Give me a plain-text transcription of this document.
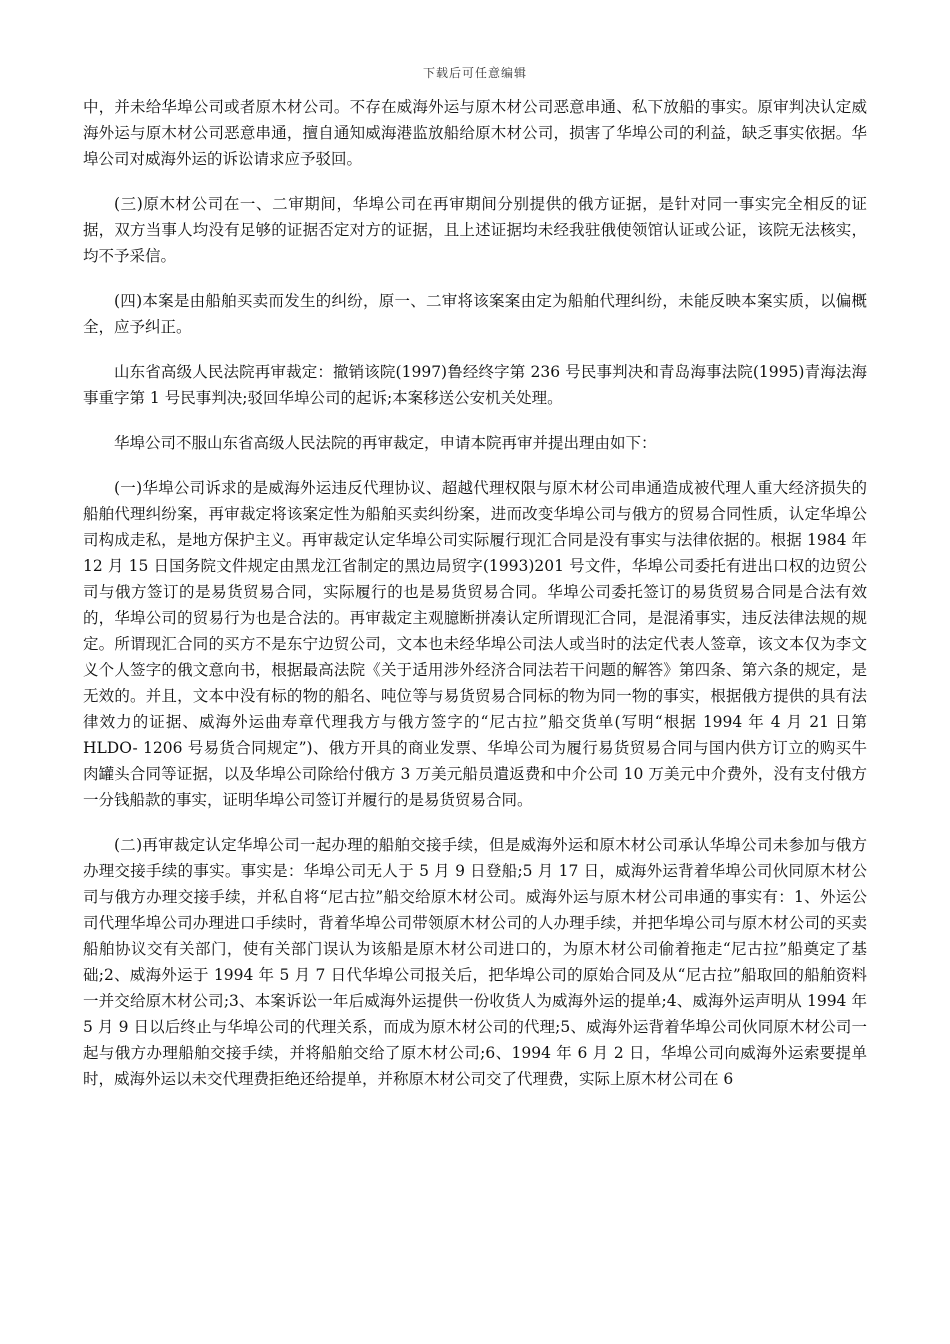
下载后可任意编辑

中，并未给华埠公司或者原木材公司。不存在威海外运与原木材公司恶意串通、私下放船的事实。原审判决认定威海外运与原木材公司恶意串通，擅自通知威海港监放船给原木材公司，损害了华埠公司的利益，缺乏事实依据。华埠公司对威海外运的诉讼请求应予驳回。

(三)原木材公司在一、二审期间，华埠公司在再审期间分别提供的俄方证据，是针对同一事实完全相反的证据，双方当事人均没有足够的证据否定对方的证据，且上述证据均未经我驻俄使领馆认证或公证，该院无法核实，均不予采信。

(四)本案是由船舶买卖而发生的纠纷，原一、二审将该案案由定为船舶代理纠纷，未能反映本案实质，以偏概全，应予纠正。

山东省高级人民法院再审裁定：撤销该院(1997)鲁经终字第 236 号民事判决和青岛海事法院(1995)青海法海事重字第 1 号民事判决;驳回华埠公司的起诉;本案移送公安机关处理。

华埠公司不服山东省高级人民法院的再审裁定，申请本院再审并提出理由如下：

(一)华埠公司诉求的是威海外运违反代理协议、超越代理权限与原木材公司串通造成被代理人重大经济损失的船舶代理纠纷案，再审裁定将该案定性为船舶买卖纠纷案，进而改变华埠公司与俄方的贸易合同性质，认定华埠公司构成走私，是地方保护主义。再审裁定认定华埠公司实际履行现汇合同是没有事实与法律依据的。根据 1984 年 12 月 15 日国务院文件规定由黑龙江省制定的黑边局贸字(1993)201 号文件，华埠公司委托有进出口权的边贸公司与俄方签订的是易货贸易合同，实际履行的也是易货贸易合同。华埠公司委托签订的易货贸易合同是合法有效的，华埠公司的贸易行为也是合法的。再审裁定主观臆断拼凑认定所谓现汇合同，是混淆事实，违反法律法规的规定。所谓现汇合同的买方不是东宁边贸公司，文本也未经华埠公司法人或当时的法定代表人签章，该文本仅为李文义个人签字的俄文意向书，根据最高法院《关于适用涉外经济合同法若干问题的解答》第四条、第六条的规定，是无效的。并且，文本中没有标的物的船名、吨位等与易货贸易合同标的物为同一物的事实，根据俄方提供的具有法律效力的证据、威海外运曲寿章代理我方与俄方签字的“尼古拉”船交货单(写明“根据 1994 年 4 月 21 日第 HLDO- 1206 号易货合同规定”)、俄方开具的商业发票、华埠公司为履行易货贸易合同与国内供方订立的购买牛肉罐头合同等证据，以及华埠公司除给付俄方 3 万美元船员遣返费和中介公司 10 万美元中介费外，没有支付俄方一分钱船款的事实，证明华埠公司签订并履行的是易货贸易合同。

(二)再审裁定认定华埠公司一起办理的船舶交接手续，但是威海外运和原木材公司承认华埠公司未参加与俄方办理交接手续的事实。事实是：华埠公司无人于 5 月 9 日登船;5 月 17 日，威海外运背着华埠公司伙同原木材公司与俄方办理交接手续，并私自将“尼古拉”船交给原木材公司。威海外运与原木材公司串通的事实有：1、外运公司代理华埠公司办理进口手续时，背着华埠公司带领原木材公司的人办理手续，并把华埠公司与原木材公司的买卖船舶协议交有关部门，使有关部门误认为该船是原木材公司进口的，为原木材公司偷着拖走“尼古拉”船奠定了基础;2、威海外运于 1994 年 5 月 7 日代华埠公司报关后，把华埠公司的原始合同及从“尼古拉”船取回的船舶资料一并交给原木材公司;3、本案诉讼一年后威海外运提供一份收货人为威海外运的提单;4、威海外运声明从 1994 年 5 月 9 日以后终止与华埠公司的代理关系，而成为原木材公司的代理;5、威海外运背着华埠公司伙同原木材公司一起与俄方办理船舶交接手续，并将船舶交给了原木材公司;6、1994 年 6 月 2 日，华埠公司向威海外运索要提单时，威海外运以未交代理费拒绝还给提单，并称原木材公司交了代理费，实际上原木材公司在 6
